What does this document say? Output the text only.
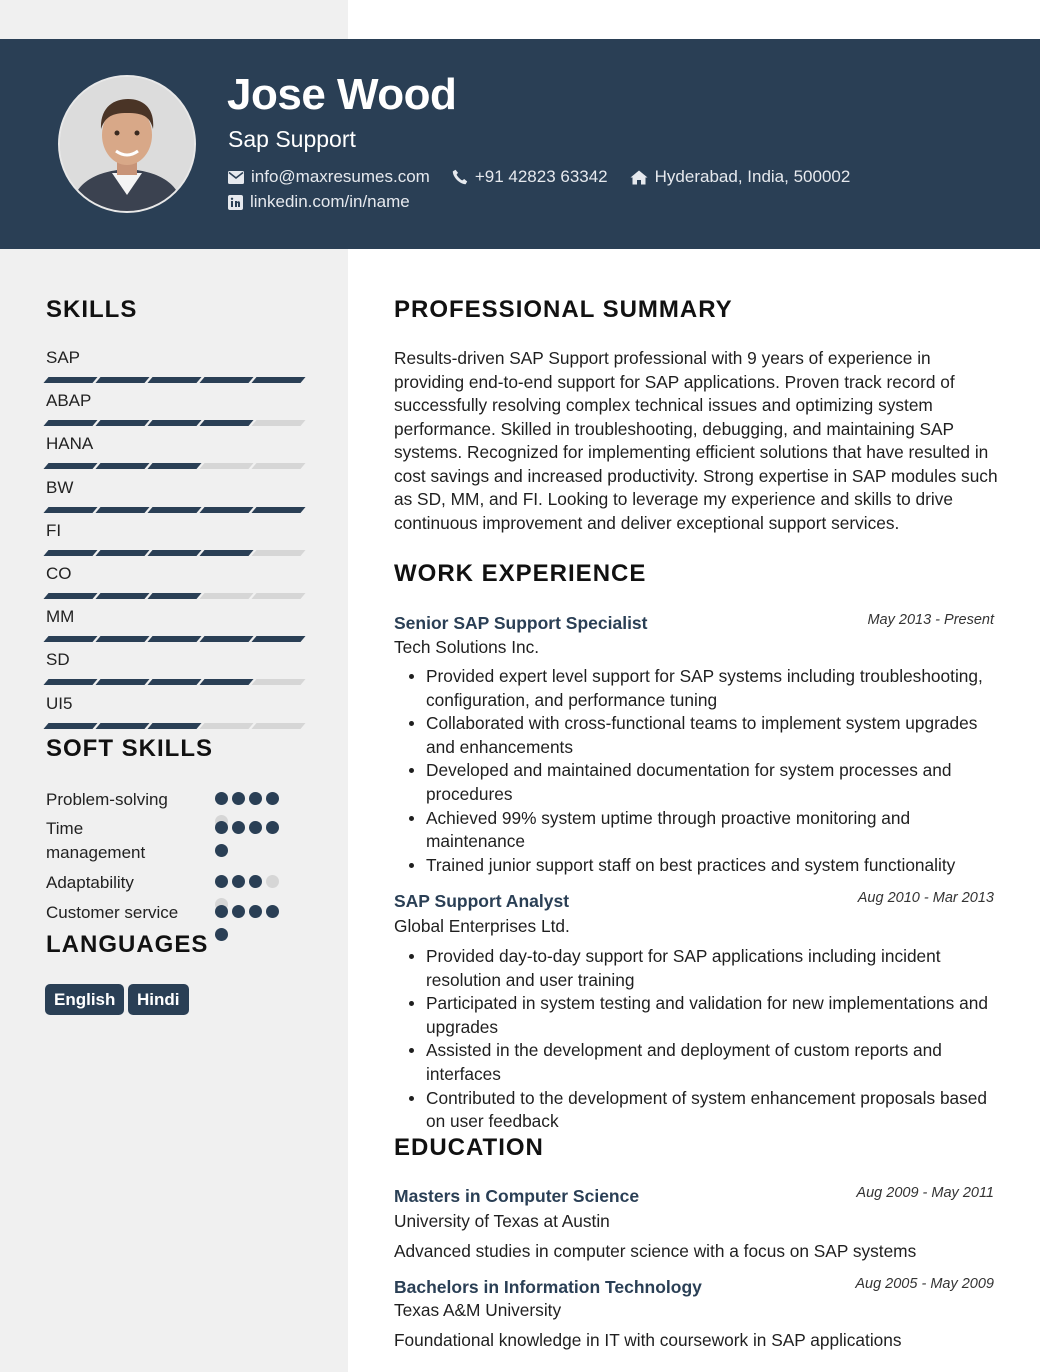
Jose Wood
Sap Support
info@maxresumes.com	+91 42823 63342	Hyderabad, India, 500002
linkedin.com/in/name
SKILLS
SAP
ABAP
HANA
BW
FI
CO
MM
SD
UI5
SOFT SKILLS
Problem-solving
Time management
Adaptability
Customer service
LANGUAGES
English	Hindi
PROFESSIONAL SUMMARY
Results-driven SAP Support professional with 9 years of experience in providing end-to-end support for SAP applications. Proven track record of successfully resolving complex technical issues and optimizing system performance. Skilled in troubleshooting, debugging, and maintaining SAP systems. Recognized for implementing efficient solutions that have resulted in cost savings and increased productivity. Strong expertise in SAP modules such as SD, MM, and FI. Looking to leverage my experience and skills to drive continuous improvement and deliver exceptional support services.
WORK EXPERIENCE
Senior SAP Support Specialist	May 2013 - Present
Tech Solutions Inc.
Provided expert level support for SAP systems including troubleshooting, configuration, and performance tuning
Collaborated with cross-functional teams to implement system upgrades and enhancements
Developed and maintained documentation for system processes and procedures
Achieved 99% system uptime through proactive monitoring and maintenance
Trained junior support staff on best practices and system functionality
SAP Support Analyst	Aug 2010 - Mar 2013
Global Enterprises Ltd.
Provided day-to-day support for SAP applications including incident resolution and user training
Participated in system testing and validation for new implementations and upgrades
Assisted in the development and deployment of custom reports and interfaces
Contributed to the development of system enhancement proposals based on user feedback
EDUCATION
Masters in Computer Science	Aug 2009 - May 2011
University of Texas at Austin
Advanced studies in computer science with a focus on SAP systems
Bachelors in Information Technology	Aug 2005 - May 2009
Texas A&M University
Foundational knowledge in IT with coursework in SAP applications
